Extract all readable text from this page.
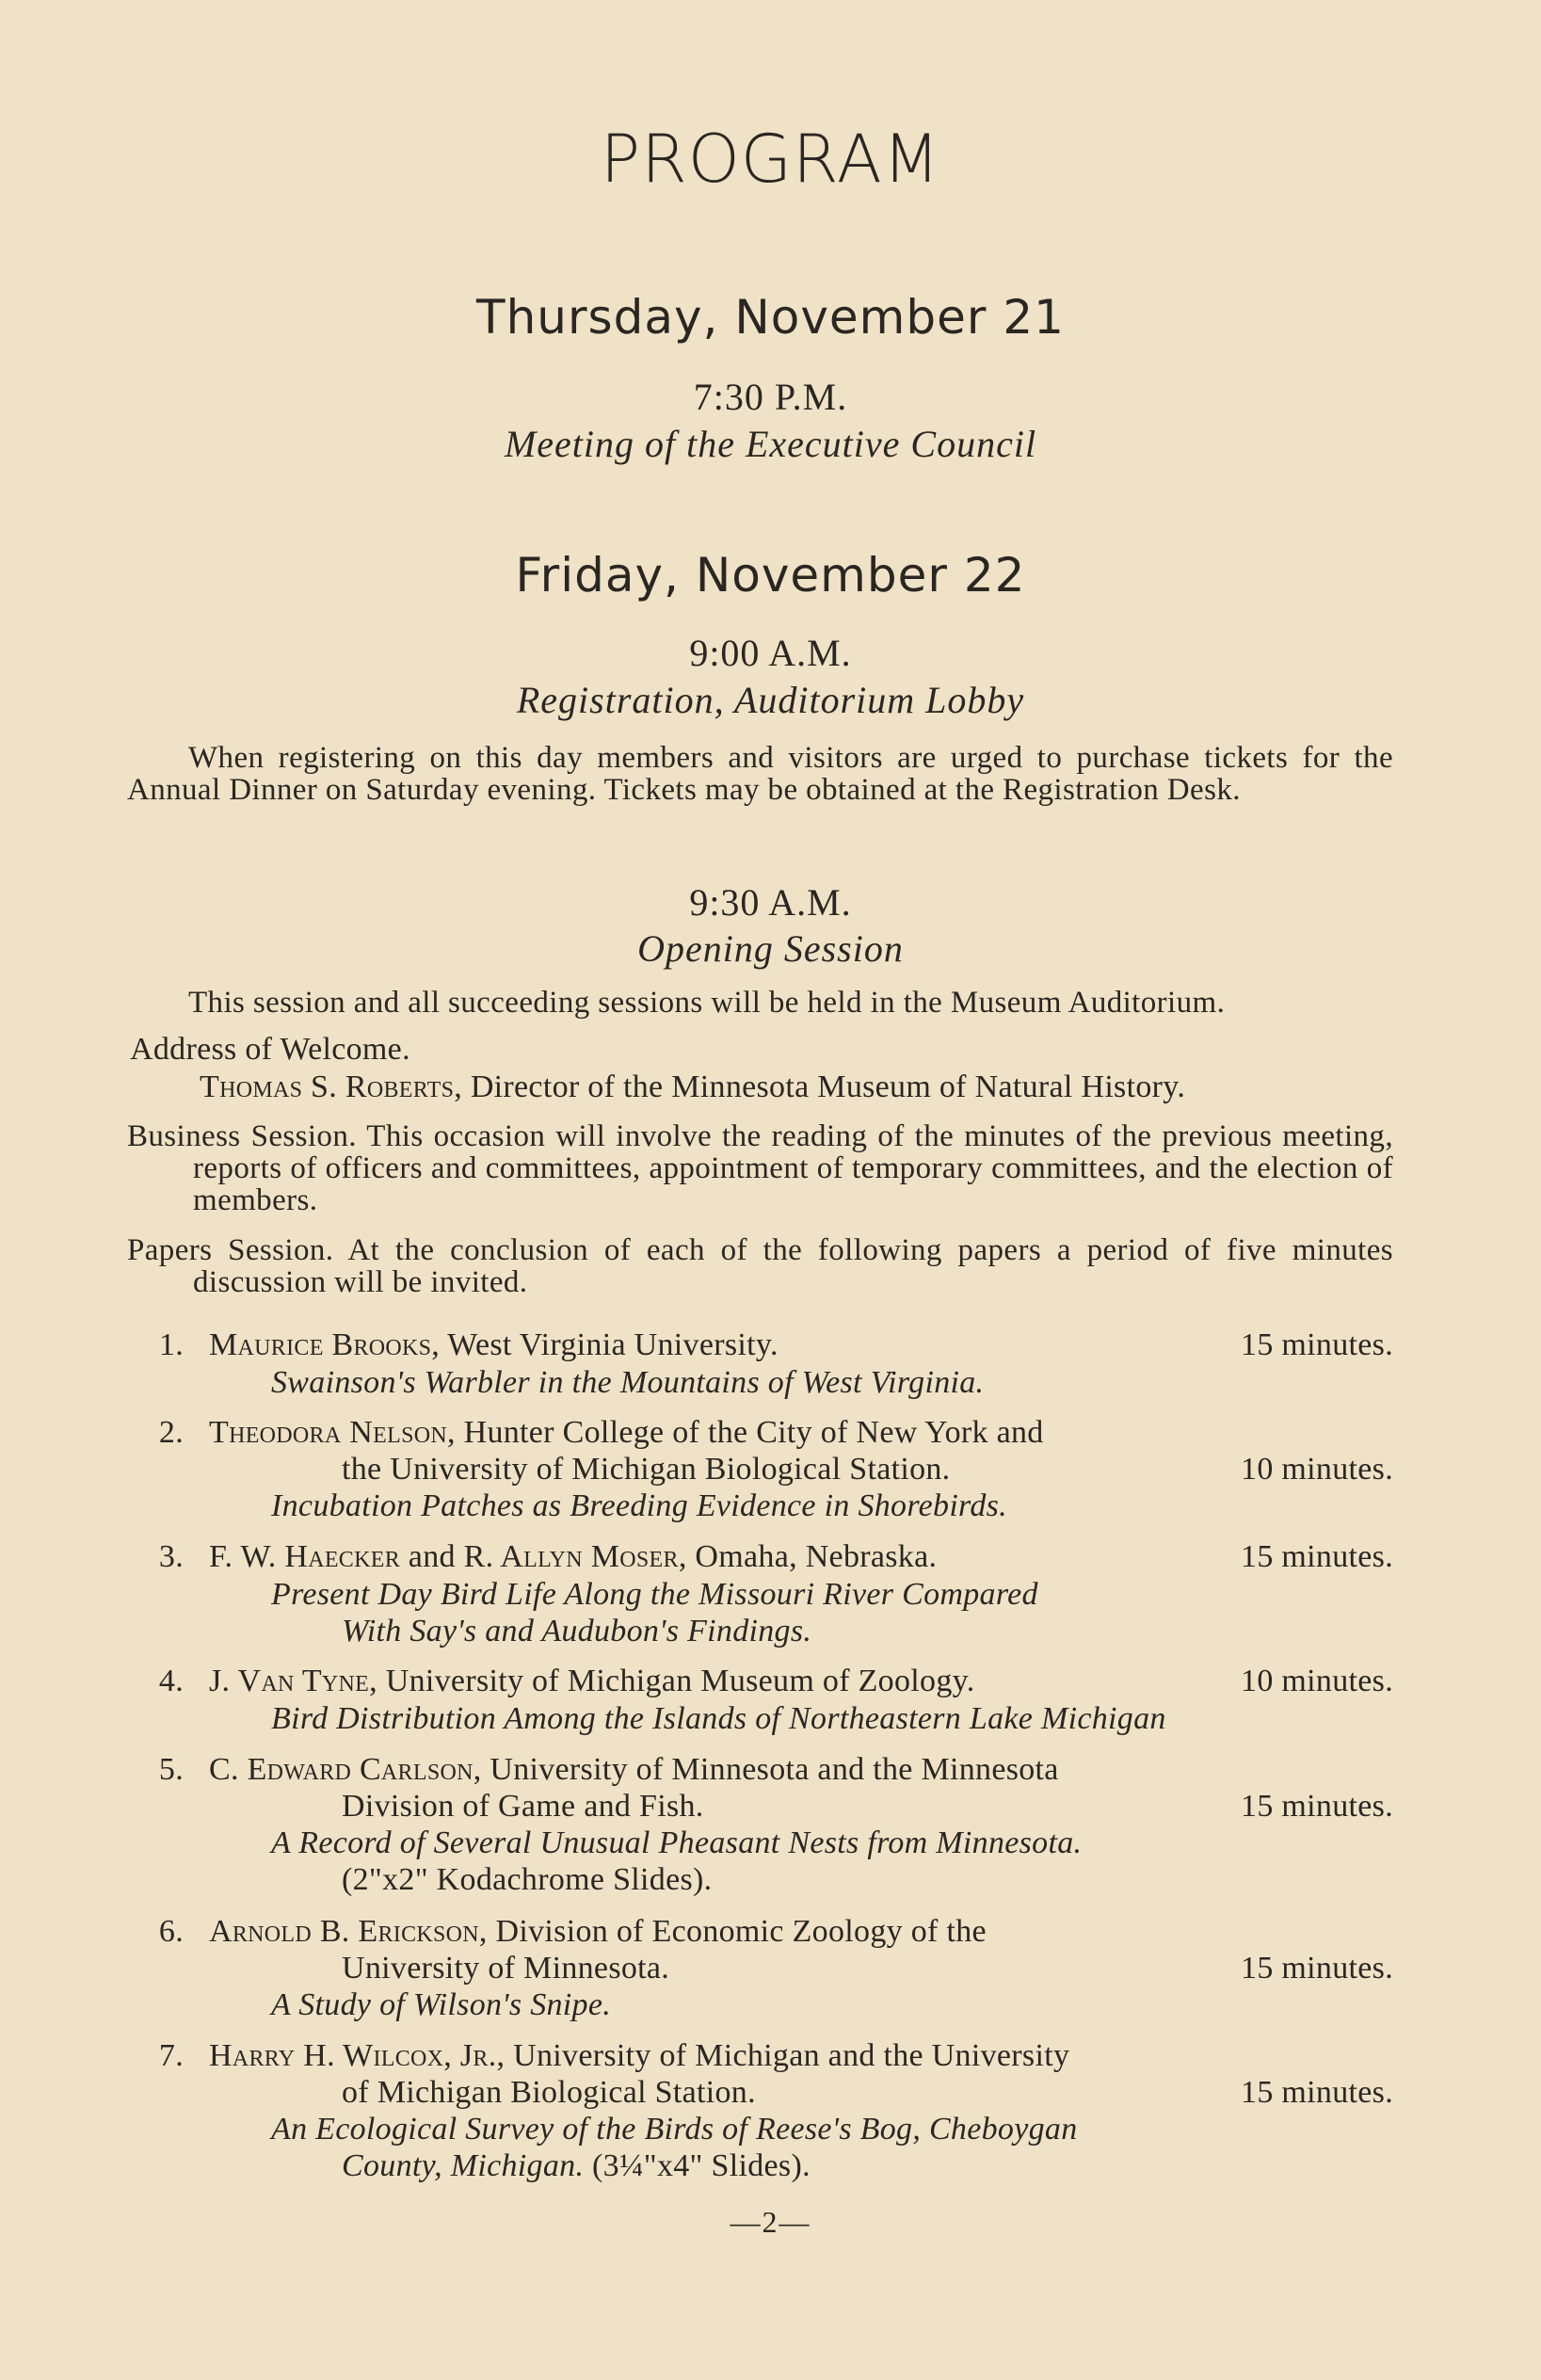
PROGRAM
Thursday, November 21
7:30 P.M.
Meeting of the Executive Council
Friday, November 22
9:00 A.M.
Registration, Auditorium Lobby
When registering on this day members and visitors are urged to purchase tickets for the Annual Dinner on Saturday evening. Tickets may be obtained at the Registration Desk.
9:30 A.M.
Opening Session
This session and all succeeding sessions will be held in the Museum Auditorium.
Address of Welcome.
Thomas S. Roberts, Director of the Minnesota Museum of Natural History.
Business Session. This occasion will involve the reading of the minutes of the previous meeting, reports of officers and committees, appointment of temporary committees, and the election of members.
Papers Session. At the conclusion of each of the following papers a period of five minutes discussion will be invited.
1. Maurice Brooks, West Virginia University.	15 minutes.
Swainson's Warbler in the Mountains of West Virginia.
2. Theodora Nelson, Hunter College of the City of New York and
the University of Michigan Biological Station.	10 minutes.
Incubation Patches as Breeding Evidence in Shorebirds.
3. F. W. Haecker and R. Allyn Moser, Omaha, Nebraska.	15 minutes.
Present Day Bird Life Along the Missouri River Compared
With Say's and Audubon's Findings.
4. J. Van Tyne, University of Michigan Museum of Zoology.	10 minutes.
Bird Distribution Among the Islands of Northeastern Lake Michigan
5. C. Edward Carlson, University of Minnesota and the Minnesota
Division of Game and Fish.	15 minutes.
A Record of Several Unusual Pheasant Nests from Minnesota.
(2"x2" Kodachrome Slides).
6. Arnold B. Erickson, Division of Economic Zoology of the
University of Minnesota.	15 minutes.
A Study of Wilson's Snipe.
7. Harry H. Wilcox, Jr., University of Michigan and the University
of Michigan Biological Station.	15 minutes.
An Ecological Survey of the Birds of Reese's Bog, Cheboygan
County, Michigan. (3¼"x4" Slides).
—2—
